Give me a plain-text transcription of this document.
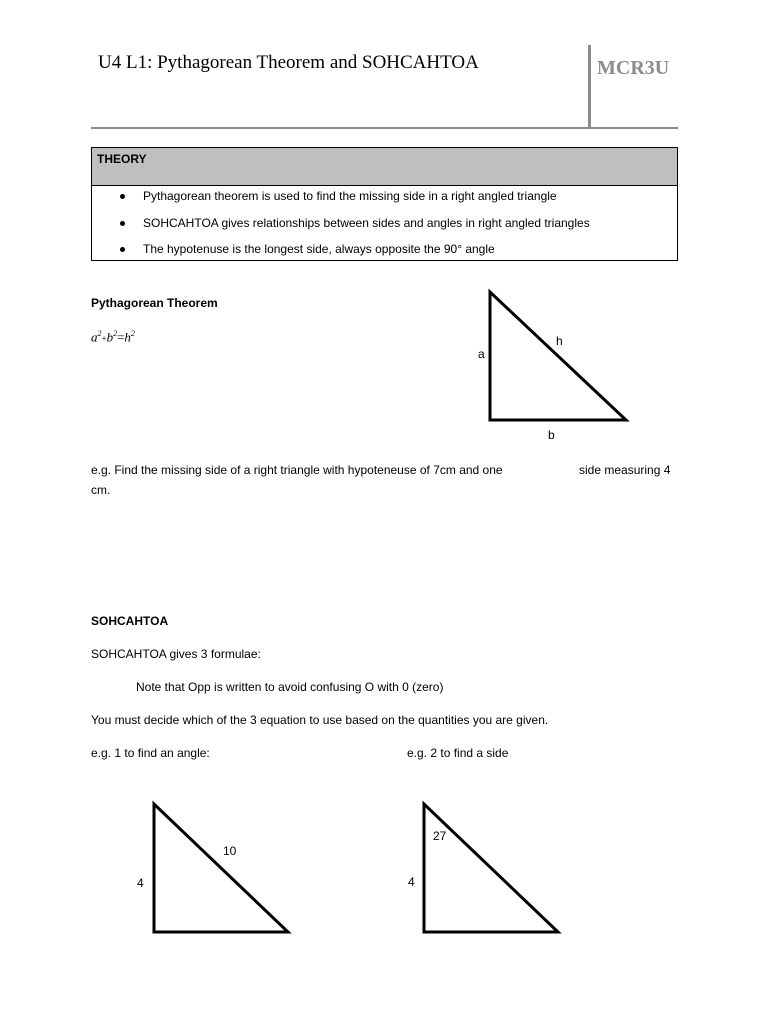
U4 L1: Pythagorean Theorem and SOHCAHTOA	MCR3U
THEORY
Pythagorean theorem is used to find the missing side in a right angled triangle
SOHCAHTOA gives relationships between sides and angles in right angled triangles
The hypotenuse is the longest side, always opposite the 90° angle
Pythagorean Theorem
$a^2+b^2=h^2$
a
h
b
e.g. Find the missing side of a right triangle with hypoteneuse of 7cm and one	side measuring 4
cm.
SOHCAHTOA
SOHCAHTOA gives 3 formulae:
Note that Opp is written to avoid confusing O with 0 (zero)
You must decide which of the 3 equation to use based on the quantities you are given.
e.g. 1 to find an angle:	e.g. 2 to find a side
4
10
4
27
